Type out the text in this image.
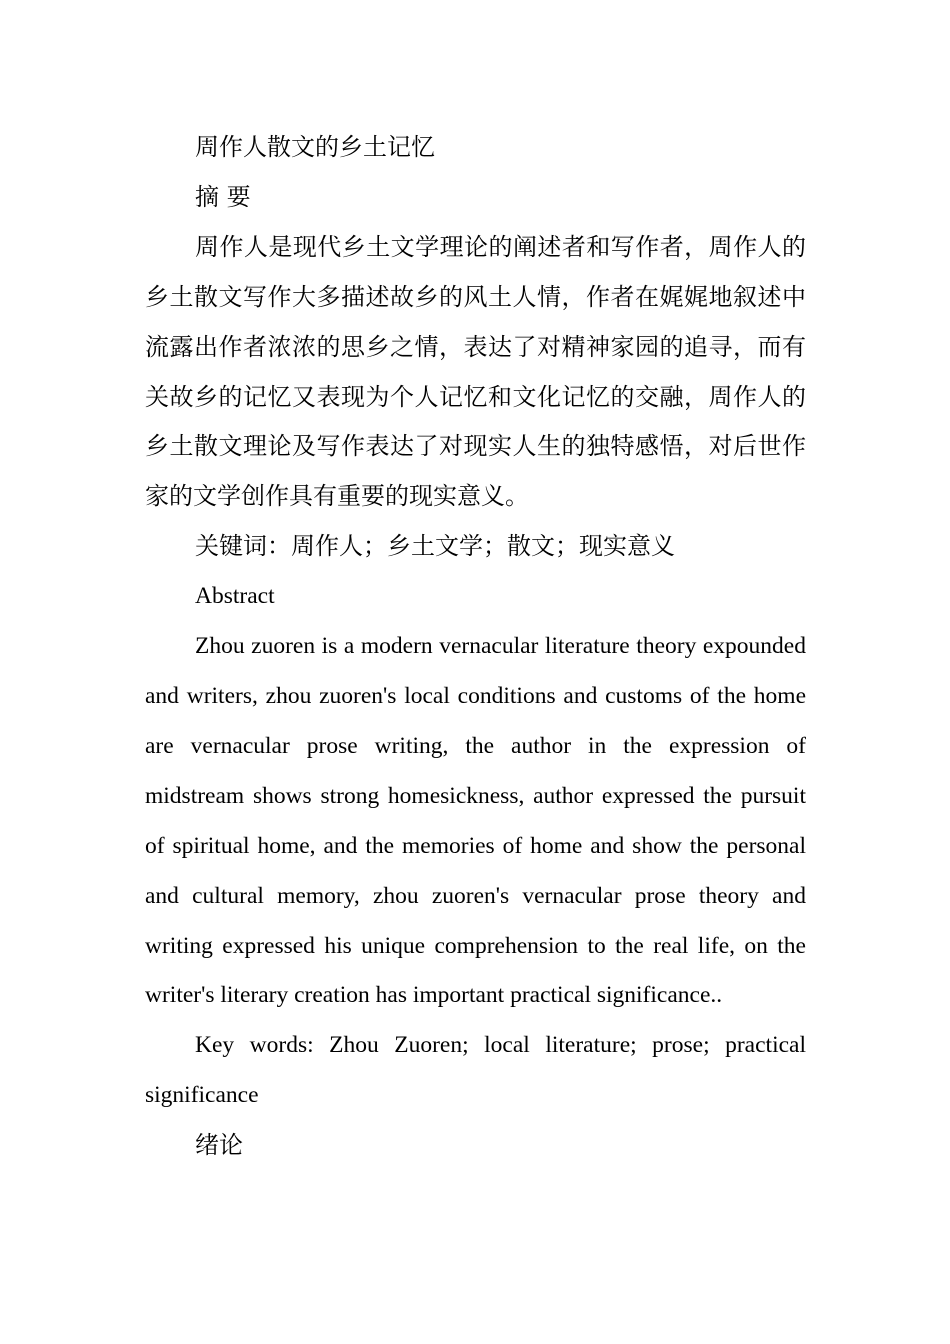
周作人散文的乡土记忆

摘 要

周作人是现代乡土文学理论的阐述者和写作者，周作人的乡土散文写作大多描述故乡的风土人情，作者在娓娓地叙述中流露出作者浓浓的思乡之情，表达了对精神家园的追寻，而有关故乡的记忆又表现为个人记忆和文化记忆的交融，周作人的乡土散文理论及写作表达了对现实人生的独特感悟，对后世作家的文学创作具有重要的现实意义。

关键词：周作人；乡土文学；散文；现实意义

Abstract

Zhou zuoren is a modern vernacular literature theory expounded and writers, zhou zuoren's local conditions and customs of the home are vernacular prose writing, the author in the expression of midstream shows strong homesickness, author expressed the pursuit of spiritual home, and the memories of home and show the personal and cultural memory, zhou zuoren's vernacular prose theory and writing expressed his unique comprehension to the real life, on the writer's literary creation has important practical significance..

Key words: Zhou Zuoren; local literature; prose; practical significance

绪论
